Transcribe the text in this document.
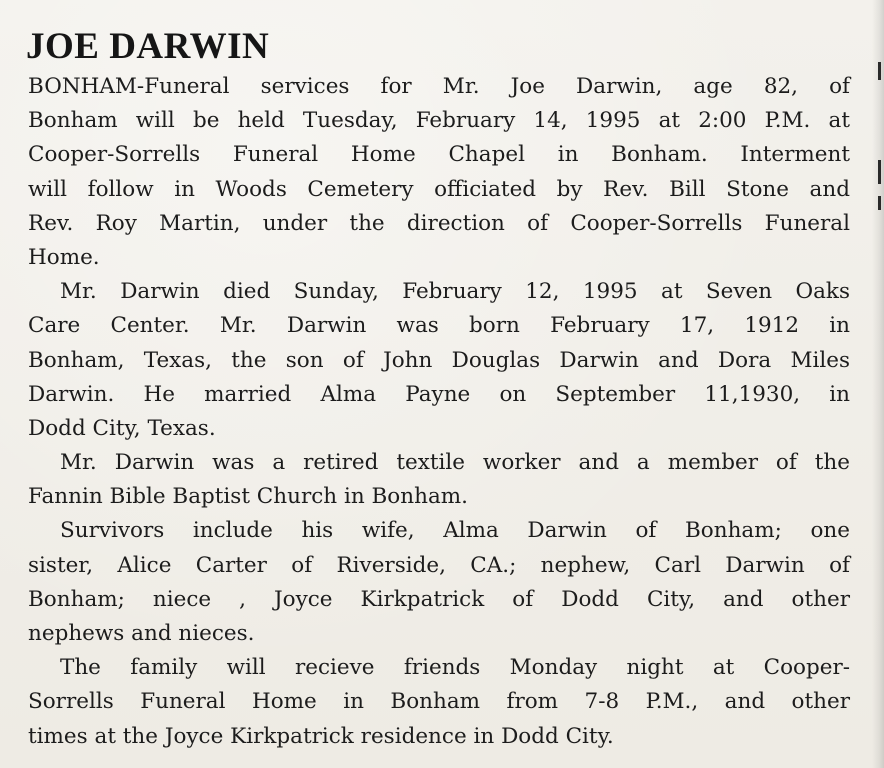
JOE DARWIN
BONHAM-Funeral services for Mr. Joe Darwin, age 82, of
Bonham will be held Tuesday, February 14, 1995 at 2:00 P.M. at
Cooper-Sorrells Funeral Home Chapel in Bonham. Interment
will follow in Woods Cemetery officiated by Rev. Bill Stone and
Rev. Roy Martin, under the direction of Cooper-Sorrells Funeral
Home.
Mr. Darwin died Sunday, February 12, 1995 at Seven Oaks
Care Center. Mr. Darwin was born February 17, 1912 in
Bonham, Texas, the son of John Douglas Darwin and Dora Miles
Darwin. He married Alma Payne on September 11,1930, in
Dodd City, Texas.
Mr. Darwin was a retired textile worker and a member of the
Fannin Bible Baptist Church in Bonham.
Survivors include his wife, Alma Darwin of Bonham; one
sister, Alice Carter of Riverside, CA.; nephew, Carl Darwin of
Bonham; niece , Joyce Kirkpatrick of Dodd City, and other
nephews and nieces.
The family will recieve friends Monday night at Cooper-
Sorrells Funeral Home in Bonham from 7-8 P.M., and other
times at the Joyce Kirkpatrick residence in Dodd City.
